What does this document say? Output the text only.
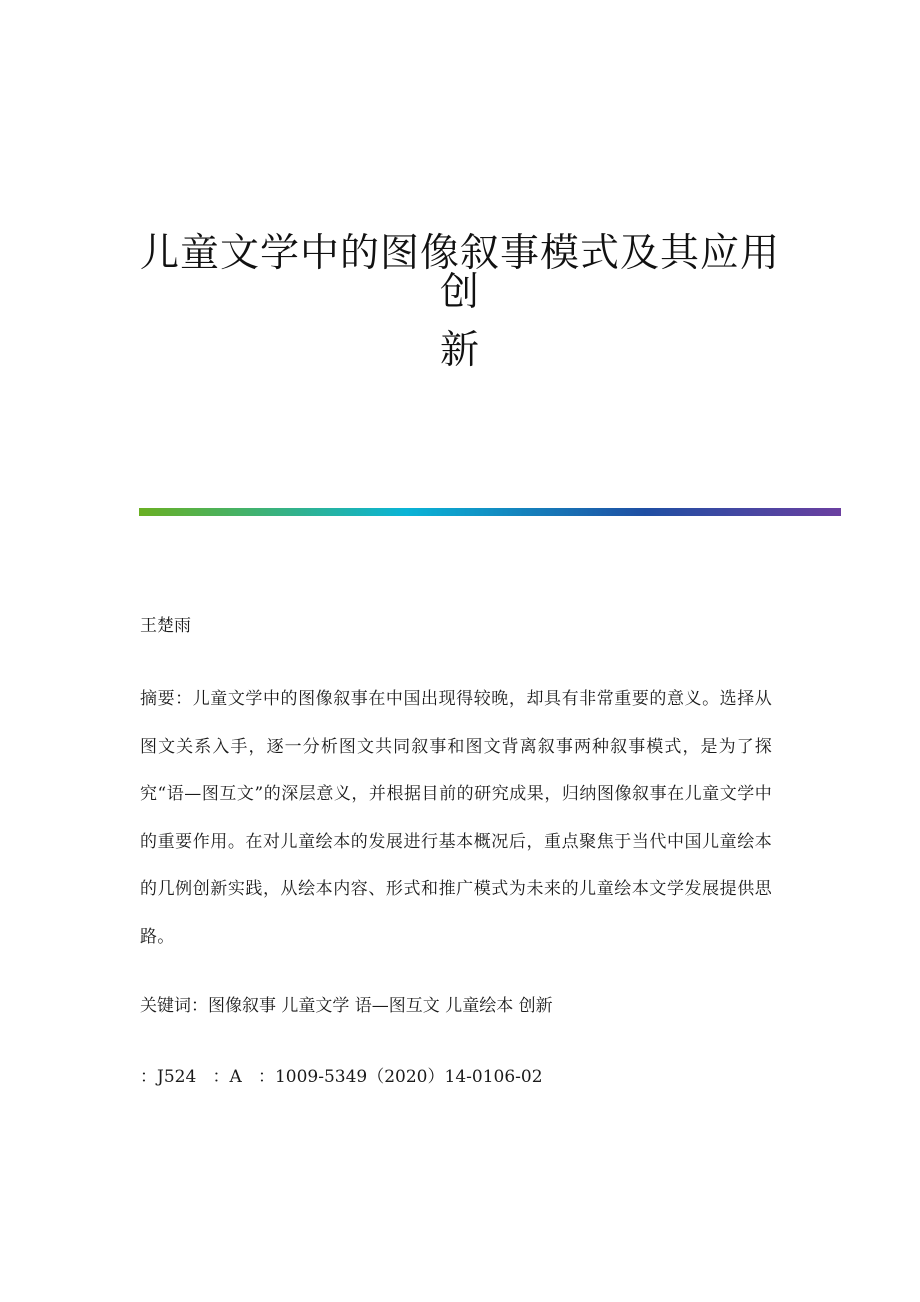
儿童文学中的图像叙事模式及其应用创
新

王楚雨

摘要：儿童文学中的图像叙事在中国出现得较晚，却具有非常重要的意义。选择从图文关系入手，逐一分析图文共同叙事和图文背离叙事两种叙事模式，是为了探究“语—图互文”的深层意义，并根据目前的研究成果，归纳图像叙事在儿童文学中的重要作用。在对儿童绘本的发展进行基本概况后，重点聚焦于当代中国儿童绘本的几例创新实践，从绘本内容、形式和推广模式为未来的儿童绘本文学发展提供思路。

关键词：图像叙事 儿童文学 语—图互文 儿童绘本 创新

：J524   ：A   ：1009-5349（2020）14-0106-02
